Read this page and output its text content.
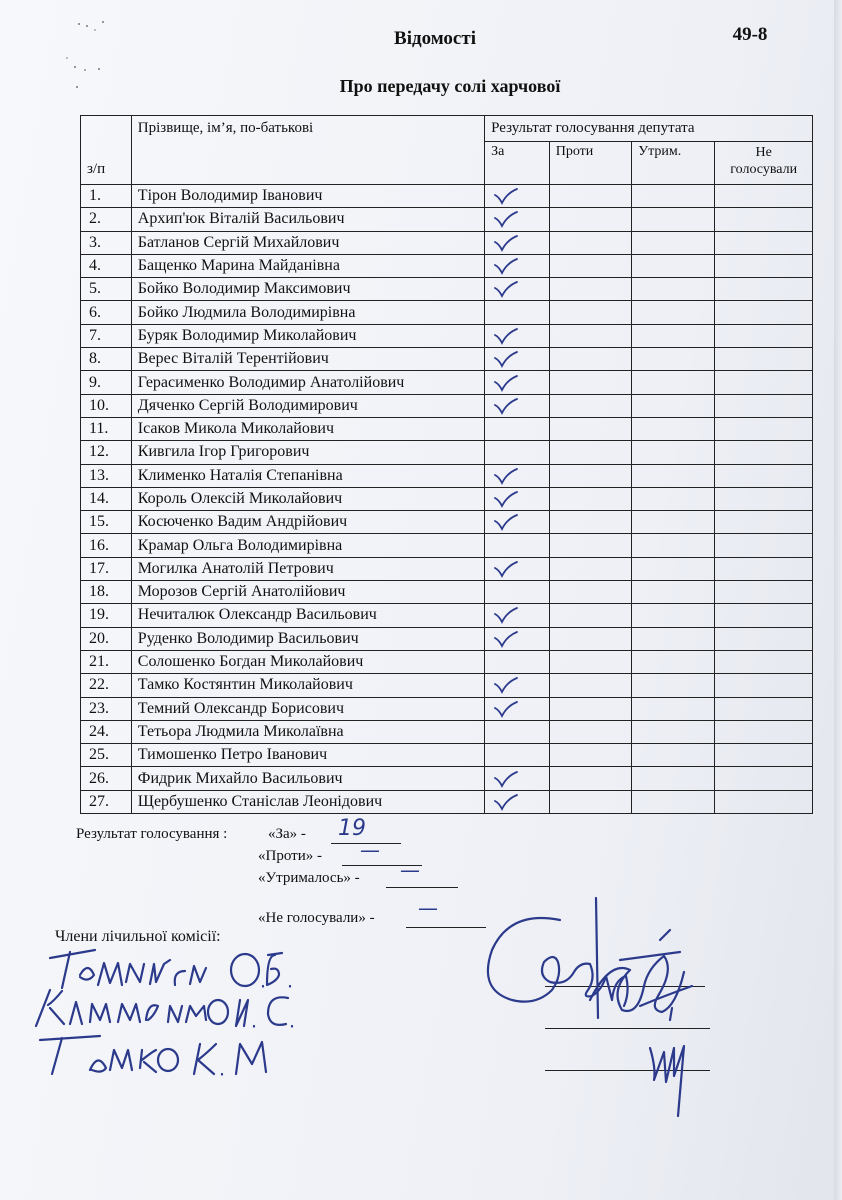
Відомості	49-8
Про передачу солі харчової
з/п	Прізвище, ім’я, по-батькові	Результат голосування депутата			
		За	Проти	Утрим.	Не
голосували
1.	Тірон Володимир Іванович	

2.	Архип'юк Віталій Васильович	

3.	Батланов Сергій Михайлович	

4.	Бащенко Марина Майданівна	

5.	Бойко Володимир Максимович	

6.	Бойко Людмила Володимирівна				
7.	Буряк Володимир Миколайович	

8.	Верес Віталій Терентійович	

9.	Герасименко Володимир Анатолійович	

10.	Дяченко Сергій Володимирович	

11.	Ісаков Микола Миколайович				
12.	Кивгила Ігор Григорович				
13.	Клименко Наталія Степанівна	

14.	Король Олексій Миколайович	

15.	Косюченко Вадим Андрійович	

16.	Крамар Ольга Володимирівна				
17.	Могилка Анатолій Петрович	

18.	Морозов Сергій Анатолійович				
19.	Нечиталюк Олександр Васильович	

20.	Руденко Володимир Васильович	

21.	Солошенко Богдан Миколайович				
22.	Тамко Костянтин Миколайович	

23.	Темний Олександр Борисович	

24.	Тетьора Людмила Миколаївна				
25.	Тимошенко Петро Іванович				
26.	Фидрик Михайло Васильович	

27.	Щербушенко Станіслав Леонідович	

Результат голосування :	«За» - 19
«Проти» - —
«Утрималось» - —
«Не голосували» - —
Члени лічильної комісії:
